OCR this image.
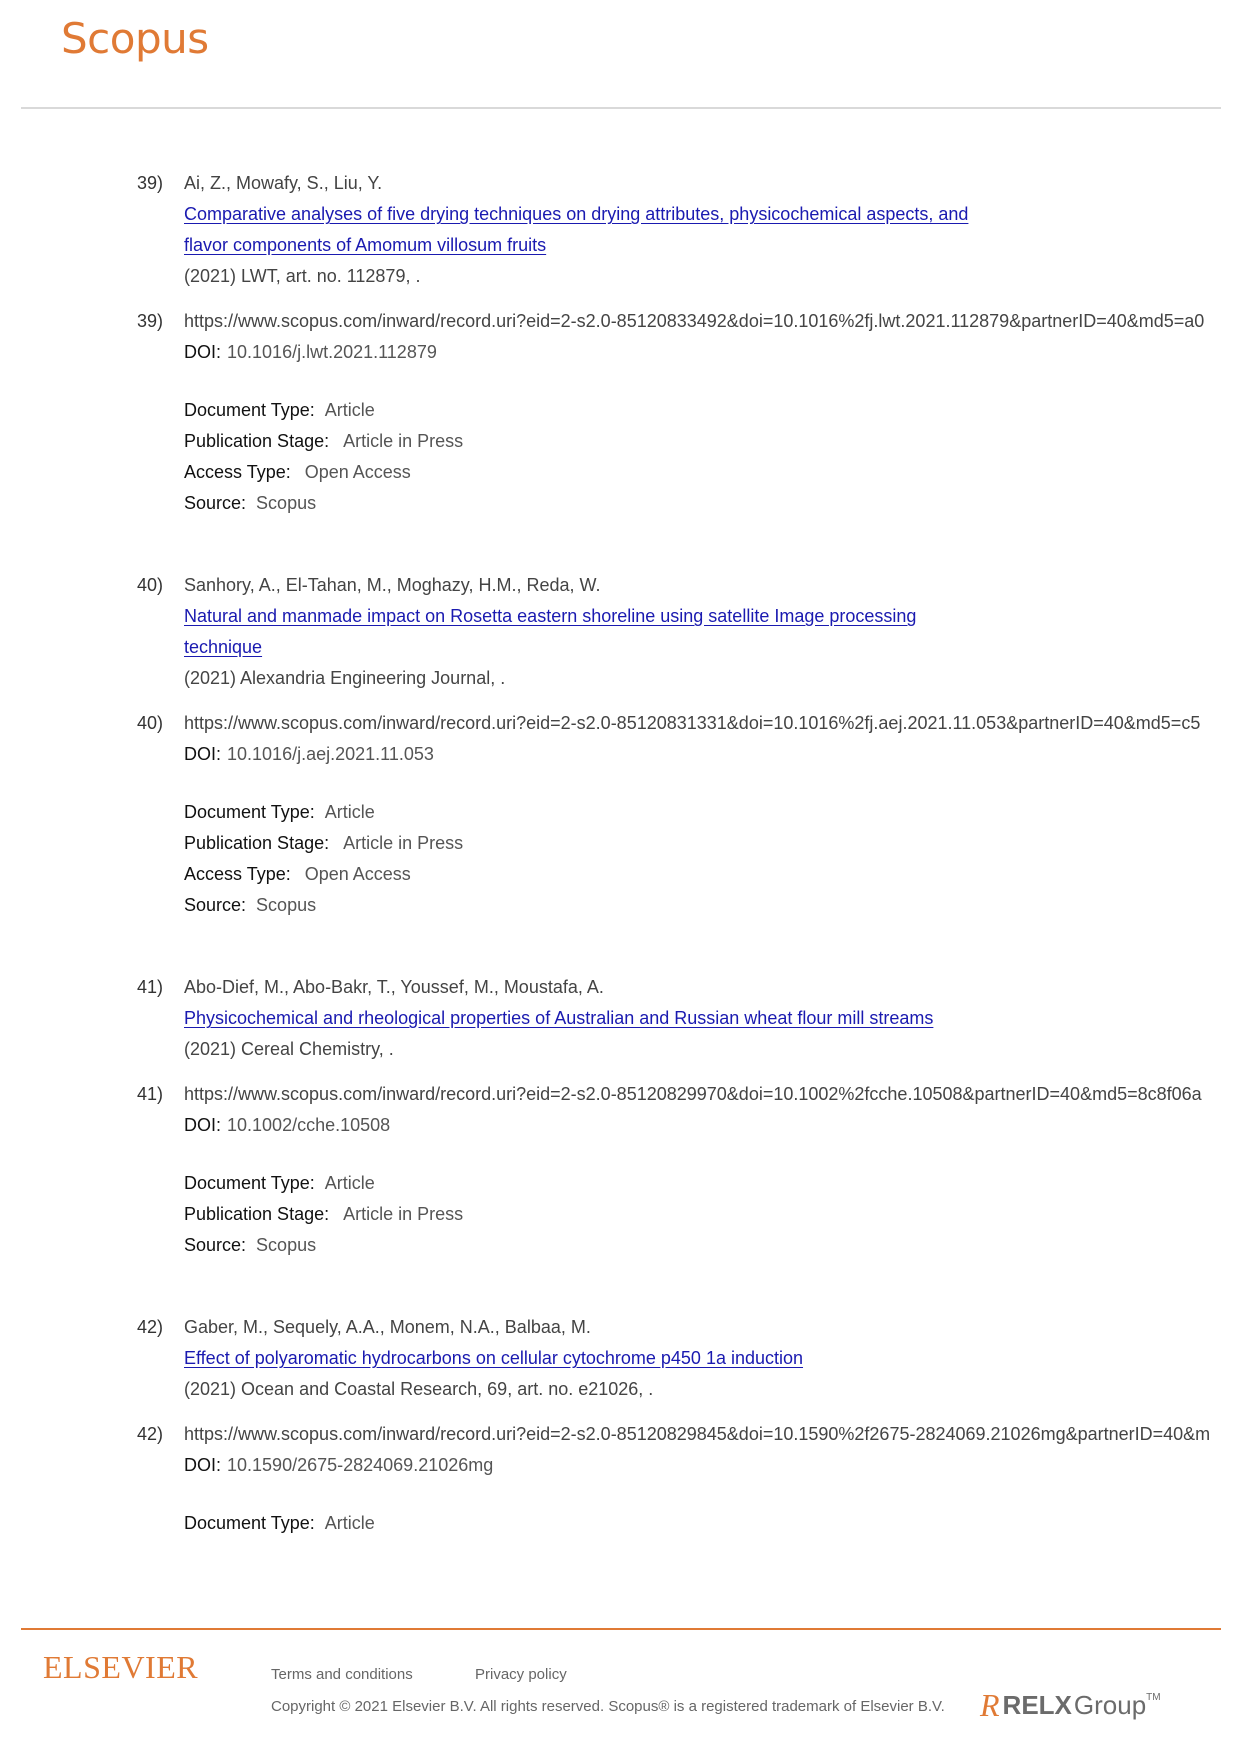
Scopus
39) Ai, Z., Mowafy, S., Liu, Y.
Comparative analyses of five drying techniques on drying attributes, physicochemical aspects, and
flavor components of Amomum villosum fruits
(2021) LWT, art. no. 112879, .
39) https://www.scopus.com/inward/record.uri?eid=2-s2.0-85120833492&doi=10.1016%2fj.lwt.2021.112879&partnerID=40&md5=a0
DOI: 10.1016/j.lwt.2021.112879
Document Type: Article
Publication Stage: Article in Press
Access Type: Open Access
Source: Scopus
40) Sanhory, A., El-Tahan, M., Moghazy, H.M., Reda, W.
Natural and manmade impact on Rosetta eastern shoreline using satellite Image processing
technique
(2021) Alexandria Engineering Journal, .
40) https://www.scopus.com/inward/record.uri?eid=2-s2.0-85120831331&doi=10.1016%2fj.aej.2021.11.053&partnerID=40&md5=c5
DOI: 10.1016/j.aej.2021.11.053
Document Type: Article
Publication Stage: Article in Press
Access Type: Open Access
Source: Scopus
41) Abo-Dief, M., Abo-Bakr, T., Youssef, M., Moustafa, A.
Physicochemical and rheological properties of Australian and Russian wheat flour mill streams
(2021) Cereal Chemistry, .
41) https://www.scopus.com/inward/record.uri?eid=2-s2.0-85120829970&doi=10.1002%2fcche.10508&partnerID=40&md5=8c8f06a
DOI: 10.1002/cche.10508
Document Type: Article
Publication Stage: Article in Press
Source: Scopus
42) Gaber, M., Sequely, A.A., Monem, N.A., Balbaa, M.
Effect of polyaromatic hydrocarbons on cellular cytochrome p450 1a induction
(2021) Ocean and Coastal Research, 69, art. no. e21026, .
42) https://www.scopus.com/inward/record.uri?eid=2-s2.0-85120829845&doi=10.1590%2f2675-2824069.21026mg&partnerID=40&m
DOI: 10.1590/2675-2824069.21026mg
Document Type: Article
ELSEVIER	Terms and conditions	Privacy policy
Copyright © 2021 Elsevier B.V. All rights reserved. Scopus® is a registered trademark of Elsevier B.V. R RELX Group TM
